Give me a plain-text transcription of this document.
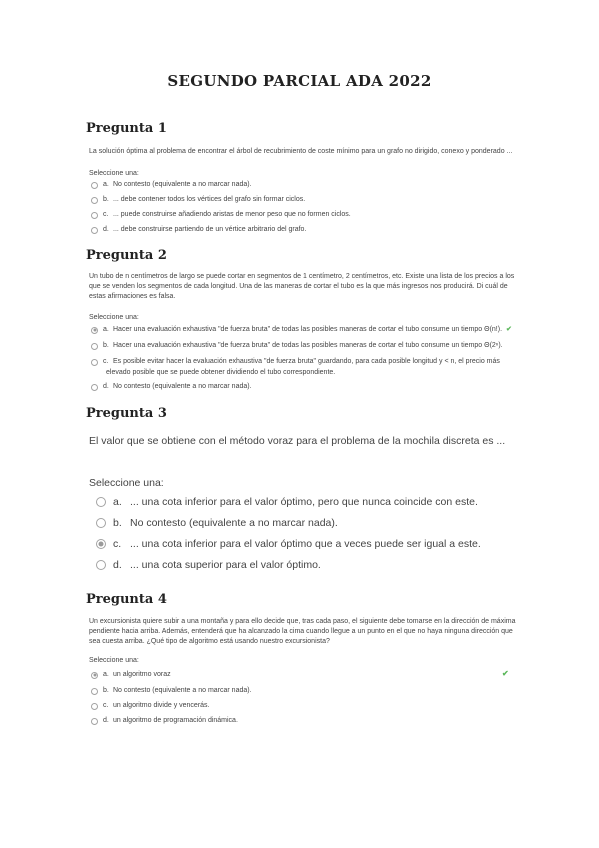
SEGUNDO PARCIAL ADA 2022
Pregunta 1
La solución óptima al problema de encontrar el árbol de recubrimiento de coste mínimo para un grafo no dirigido, conexo y ponderado ...
Seleccione una:
a. No contesto (equivalente a no marcar nada).
b. ... debe contener todos los vértices del grafo sin formar ciclos.
c. ... puede construirse añadiendo aristas de menor peso que no formen ciclos.
d. ... debe construirse partiendo de un vértice arbitrario del grafo.
Pregunta 2
Un tubo de n centímetros de largo se puede cortar en segmentos de 1 centímetro, 2 centímetros, etc. Existe una lista de los precios a los que se venden los segmentos de cada longitud. Una de las maneras de cortar el tubo es la que más ingresos nos producirá. Di cuál de estas afirmaciones es falsa.
Seleccione una:
a. Hacer una evaluación exhaustiva "de fuerza bruta" de todas las posibles maneras de cortar el tubo consume un tiempo Θ(n!). ✔
b. Hacer una evaluación exhaustiva "de fuerza bruta" de todas las posibles maneras de cortar el tubo consume un tiempo Θ(2ⁿ).
c. Es posible evitar hacer la evaluación exhaustiva "de fuerza bruta" guardando, para cada posible longitud y < n, el precio más
elevado posible que se puede obtener dividiendo el tubo correspondiente.
d. No contesto (equivalente a no marcar nada).
Pregunta 3
El valor que se obtiene con el método voraz para el problema de la mochila discreta es ...
Seleccione una:
a. ... una cota inferior para el valor óptimo, pero que nunca coincide con este.
b. No contesto (equivalente a no marcar nada).
c. ... una cota inferior para el valor óptimo que a veces puede ser igual a este.
d. ... una cota superior para el valor óptimo.
Pregunta 4
Un excursionista quiere subir a una montaña y para ello decide que, tras cada paso, el siguiente debe tomarse en la dirección de máxima pendiente hacia arriba. Además, entenderá que ha alcanzado la cima cuando llegue a un punto en el que no haya ninguna dirección que sea cuesta arriba. ¿Qué tipo de algoritmo está usando nuestro excursionista?
Seleccione una:
a. un algoritmo voraz	✔
b. No contesto (equivalente a no marcar nada).
c. un algoritmo divide y vencerás.
d. un algoritmo de programación dinámica.
